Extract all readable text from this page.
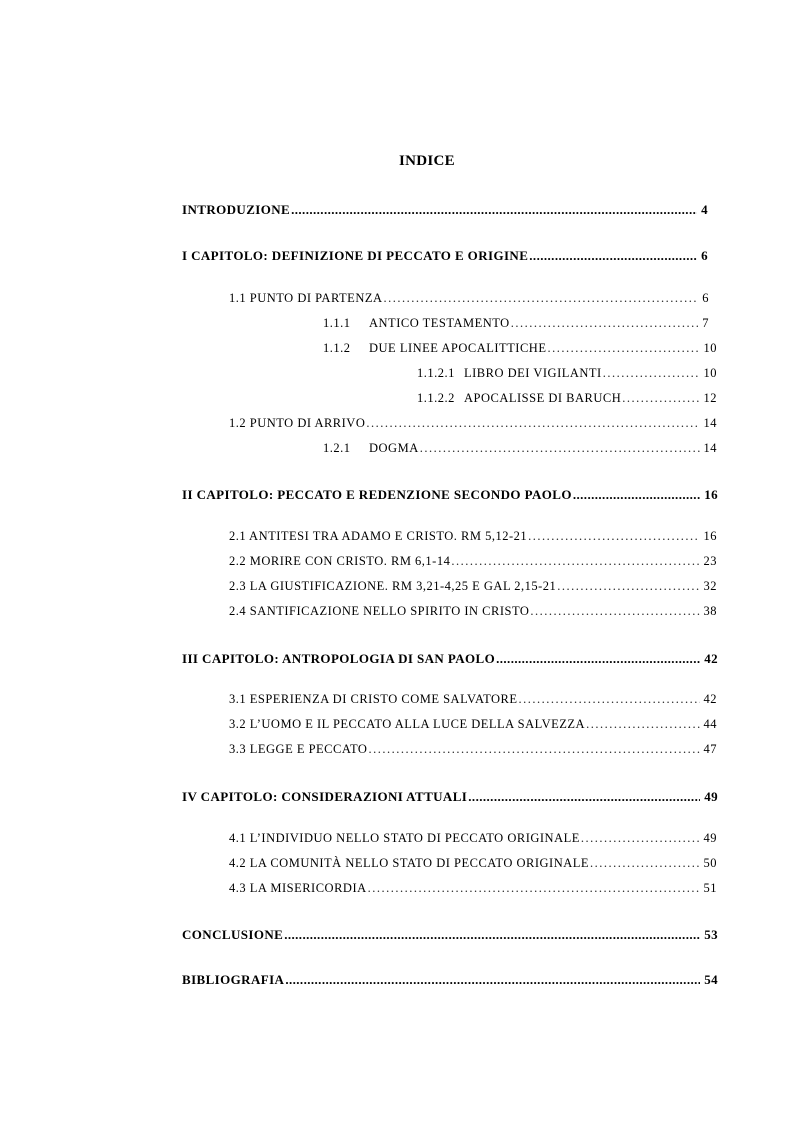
INDICE
INTRODUZIONE .....	4
I CAPITOLO: DEFINIZIONE DI PECCATO E ORIGINE .....	6
1.1 PUNTO DI PARTENZA .....	6
1.1.1 ANTICO TESTAMENTO .....	7
1.1.2 DUE LINEE APOCALITTICHE .....	10
1.1.2.1 LIBRO DEI VIGILANTI .....	10
1.1.2.2 APOCALISSE DI BARUCH .....	12
1.2 PUNTO DI ARRIVO .....	14
1.2.1 DOGMA .....	14
II CAPITOLO: PECCATO E REDENZIONE SECONDO PAOLO .....	16
2.1 ANTITESI TRA ADAMO E CRISTO. RM 5,12-21 .....	16
2.2 MORIRE CON CRISTO. RM 6,1-14 .....	23
2.3 LA GIUSTIFICAZIONE. RM 3,21-4,25 E GAL 2,15-21 .....	32
2.4 SANTIFICAZIONE NELLO SPIRITO IN CRISTO .....	38
III CAPITOLO: ANTROPOLOGIA DI SAN PAOLO .....	42
3.1 ESPERIENZA DI CRISTO COME SALVATORE .....	42
3.2 L’UOMO E IL PECCATO ALLA LUCE DELLA SALVEZZA .....	44
3.3 LEGGE E PECCATO .....	47
IV CAPITOLO: CONSIDERAZIONI ATTUALI .....	49
4.1 L’INDIVIDUO NELLO STATO DI PECCATO ORIGINALE .....	49
4.2 LA COMUNITÀ NELLO STATO DI PECCATO ORIGINALE .....	50
4.3 LA MISERICORDIA .....	51
CONCLUSIONE .....	53
BIBLIOGRAFIA .....	54
